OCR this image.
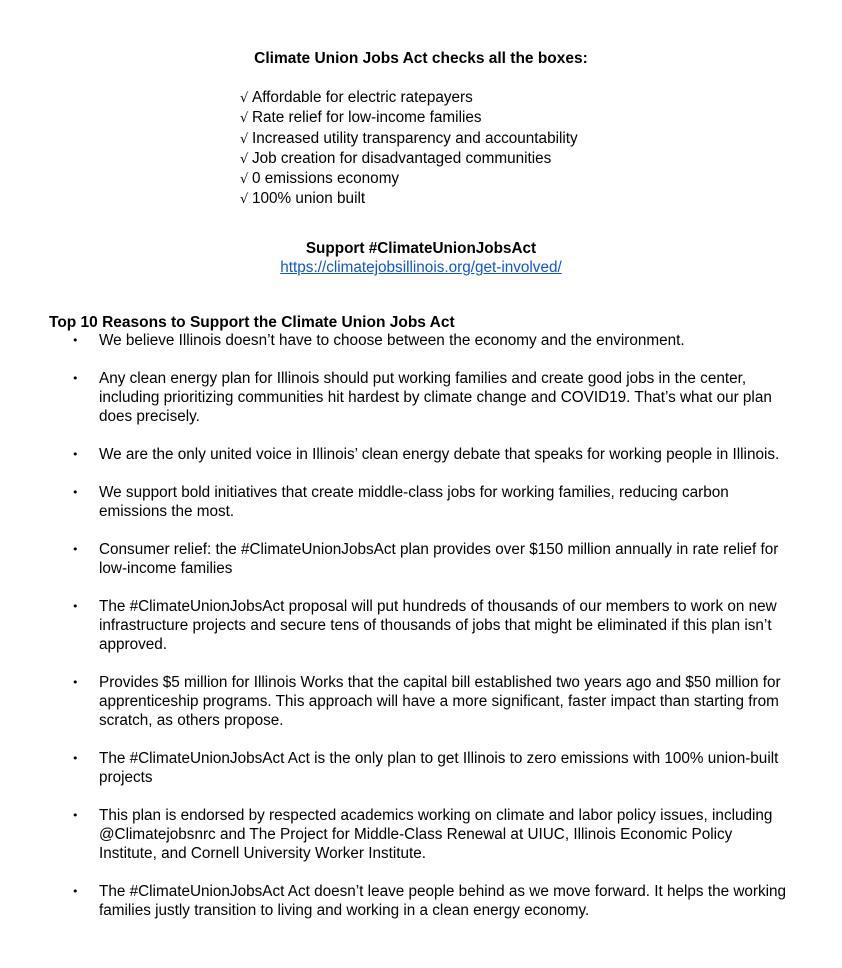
Climate Union Jobs Act checks all the boxes:
√ Affordable for electric ratepayers
√ Rate relief for low-income families
√ Increased utility transparency and accountability
√ Job creation for disadvantaged communities
√ 0 emissions economy
√ 100% union built
Support #ClimateUnionJobsAct
https://climatejobsillinois.org/get-involved/
Top 10 Reasons to Support the Climate Union Jobs Act
• We believe Illinois doesn’t have to choose between the economy and the environment.
• Any clean energy plan for Illinois should put working families and create good jobs in the center, including prioritizing communities hit hardest by climate change and COVID19. That’s what our plan does precisely.
• We are the only united voice in Illinois’ clean energy debate that speaks for working people in Illinois.
• We support bold initiatives that create middle-class jobs for working families, reducing carbon emissions the most.
• Consumer relief: the #ClimateUnionJobsAct plan provides over $150 million annually in rate relief for low-income families
• The #ClimateUnionJobsAct proposal will put hundreds of thousands of our members to work on new infrastructure projects and secure tens of thousands of jobs that might be eliminated if this plan isn’t approved.
• Provides $5 million for Illinois Works that the capital bill established two years ago and $50 million for apprenticeship programs. This approach will have a more significant, faster impact than starting from scratch, as others propose.
• The #ClimateUnionJobsAct Act is the only plan to get Illinois to zero emissions with 100% union-built projects
• This plan is endorsed by respected academics working on climate and labor policy issues, including @Climatejobsnrc and The Project for Middle-Class Renewal at UIUC, Illinois Economic Policy Institute, and Cornell University Worker Institute.
• The #ClimateUnionJobsAct Act doesn’t leave people behind as we move forward. It helps the working families justly transition to living and working in a clean energy economy.
